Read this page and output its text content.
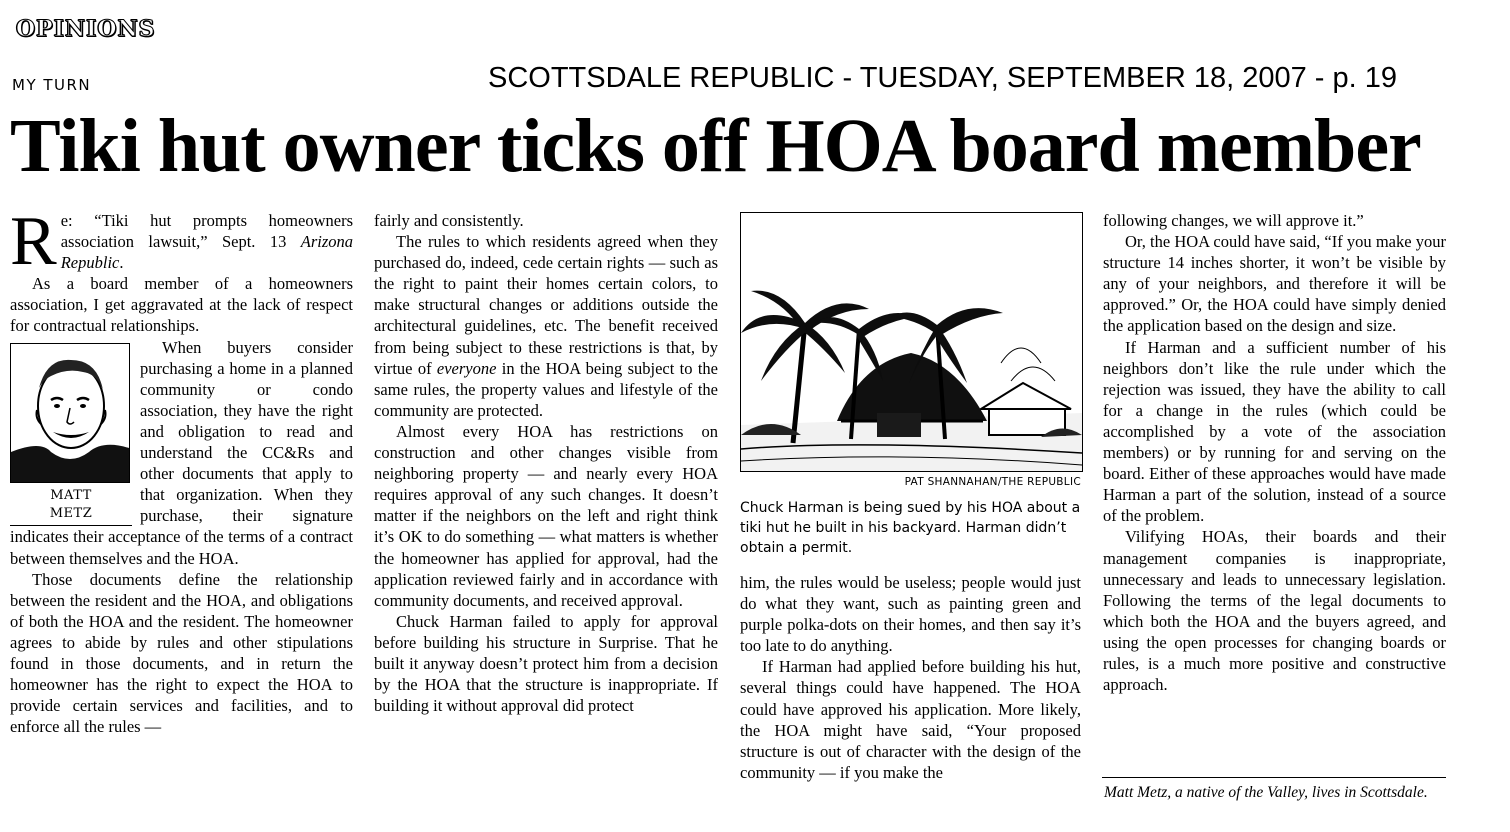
OPINIONS
MY TURN	SCOTTSDALE REPUBLIC - TUESDAY, SEPTEMBER 18, 2007 - p. 19
Tiki hut owner ticks off HOA board member

Re: “Tiki hut prompts homeowners association lawsuit,” Sept. 13 Arizona Republic.

As a board member of a homeowners association, I get aggravated at the lack of respect for contractual relationships.

MATT
METZ

When buyers consider purchasing a home in a planned community or condo association, they have the right and obligation to read and understand the CC&Rs and other documents that apply to that organization. When they purchase, their signature indicates their acceptance of the terms of a contract between themselves and the HOA.

Those documents define the relationship between the resident and the HOA, and obligations of both the HOA and the resident. The homeowner agrees to abide by rules and other stipulations found in those documents, and in return the homeowner has the right to expect the HOA to provide certain services and facilities, and to enforce all the rules —

fairly and consistently.

The rules to which residents agreed when they purchased do, indeed, cede certain rights — such as the right to paint their homes certain colors, to make structural changes or additions outside the architectural guidelines, etc. The benefit received from being subject to these restrictions is that, by virtue of everyone in the HOA being subject to the same rules, the property values and lifestyle of the community are protected.

Almost every HOA has restrictions on construction and other changes visible from neighboring property — and nearly every HOA requires approval of any such changes. It doesn’t matter if the neighbors on the left and right think it’s OK to do something — what matters is whether the homeowner has applied for approval, had the application reviewed fairly and in accordance with community documents, and received approval.

Chuck Harman failed to apply for approval before building his structure in Surprise. That he built it anyway doesn’t protect him from a decision by the HOA that the structure is inappropriate. If building it without approval did protect

PAT SHANNAHAN/THE REPUBLIC
Chuck Harman is being sued by his HOA about a tiki hut he built in his backyard. Harman didn’t obtain a permit.

him, the rules would be useless; people would just do what they want, such as painting green and purple polka-dots on their homes, and then say it’s too late to do anything.

If Harman had applied before building his hut, several things could have happened. The HOA could have approved his application. More likely, the HOA might have said, “Your proposed structure is out of character with the design of the community — if you make the

following changes, we will approve it.”

Or, the HOA could have said, “If you make your structure 14 inches shorter, it won’t be visible by any of your neighbors, and therefore it will be approved.” Or, the HOA could have simply denied the application based on the design and size.

If Harman and a sufficient number of his neighbors don’t like the rule under which the rejection was issued, they have the ability to call for a change in the rules (which could be accomplished by a vote of the association members) or by running for and serving on the board. Either of these approaches would have made Harman a part of the solution, instead of a source of the problem.

Vilifying HOAs, their boards and their management companies is inappropriate, unnecessary and leads to unnecessary legislation. Following the terms of the legal documents to which both the HOA and the buyers agreed, and using the open processes for changing boards or rules, is a much more positive and constructive approach.

Matt Metz, a native of the Valley, lives in Scottsdale.
